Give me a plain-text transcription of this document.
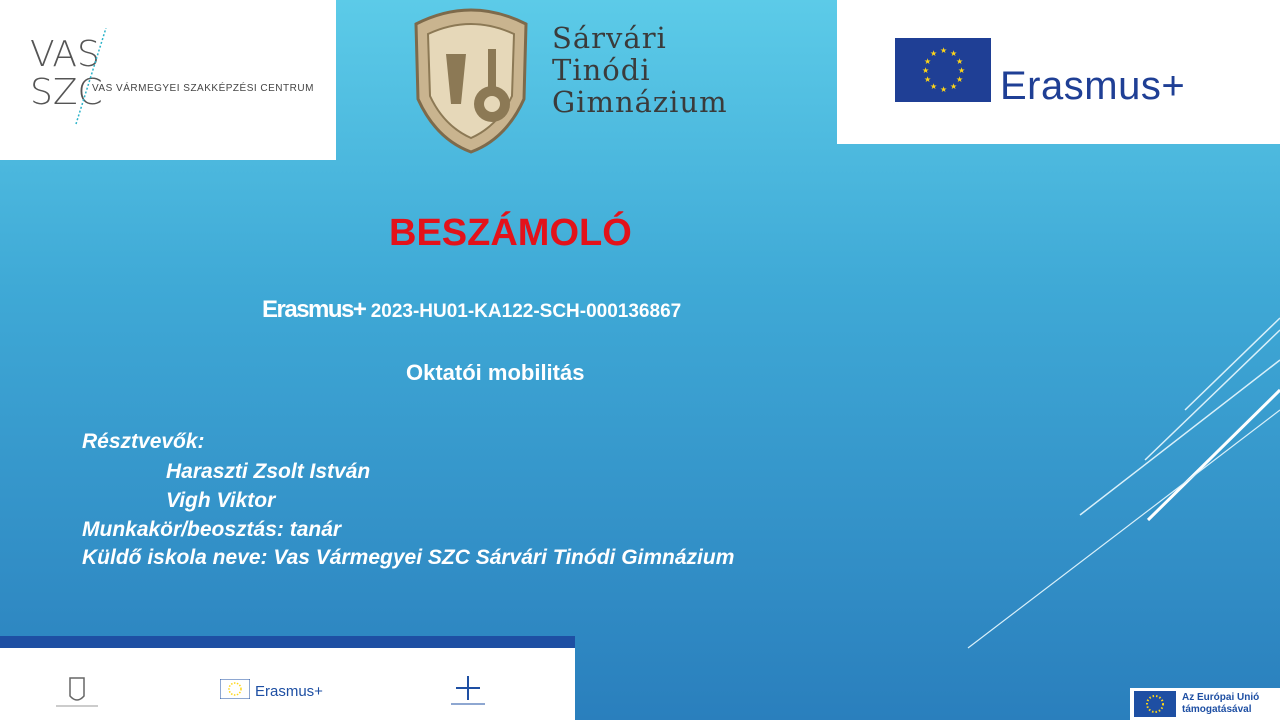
VAS
SZC
VAS VÁRMEGYEI SZAKKÉPZÉSI CENTRUM
Sárvári
Tinódi
Gimnázium
★ ★
★
★
★
★
★
★
★
★
★
★
Erasmus+
BESZÁMOLÓ
Erasmus+ 2023-HU01-KA122-SCH-000136867
Oktatói mobilitás
Résztvevők:
Haraszti Zsolt István
Vigh Viktor
Munkakör/beosztás: tanár
Küldő iskola neve: Vas Vármegyei SZC Sárvári Tinódi Gimnázium
Erasmus+	Az Európai Unió támogatásával
